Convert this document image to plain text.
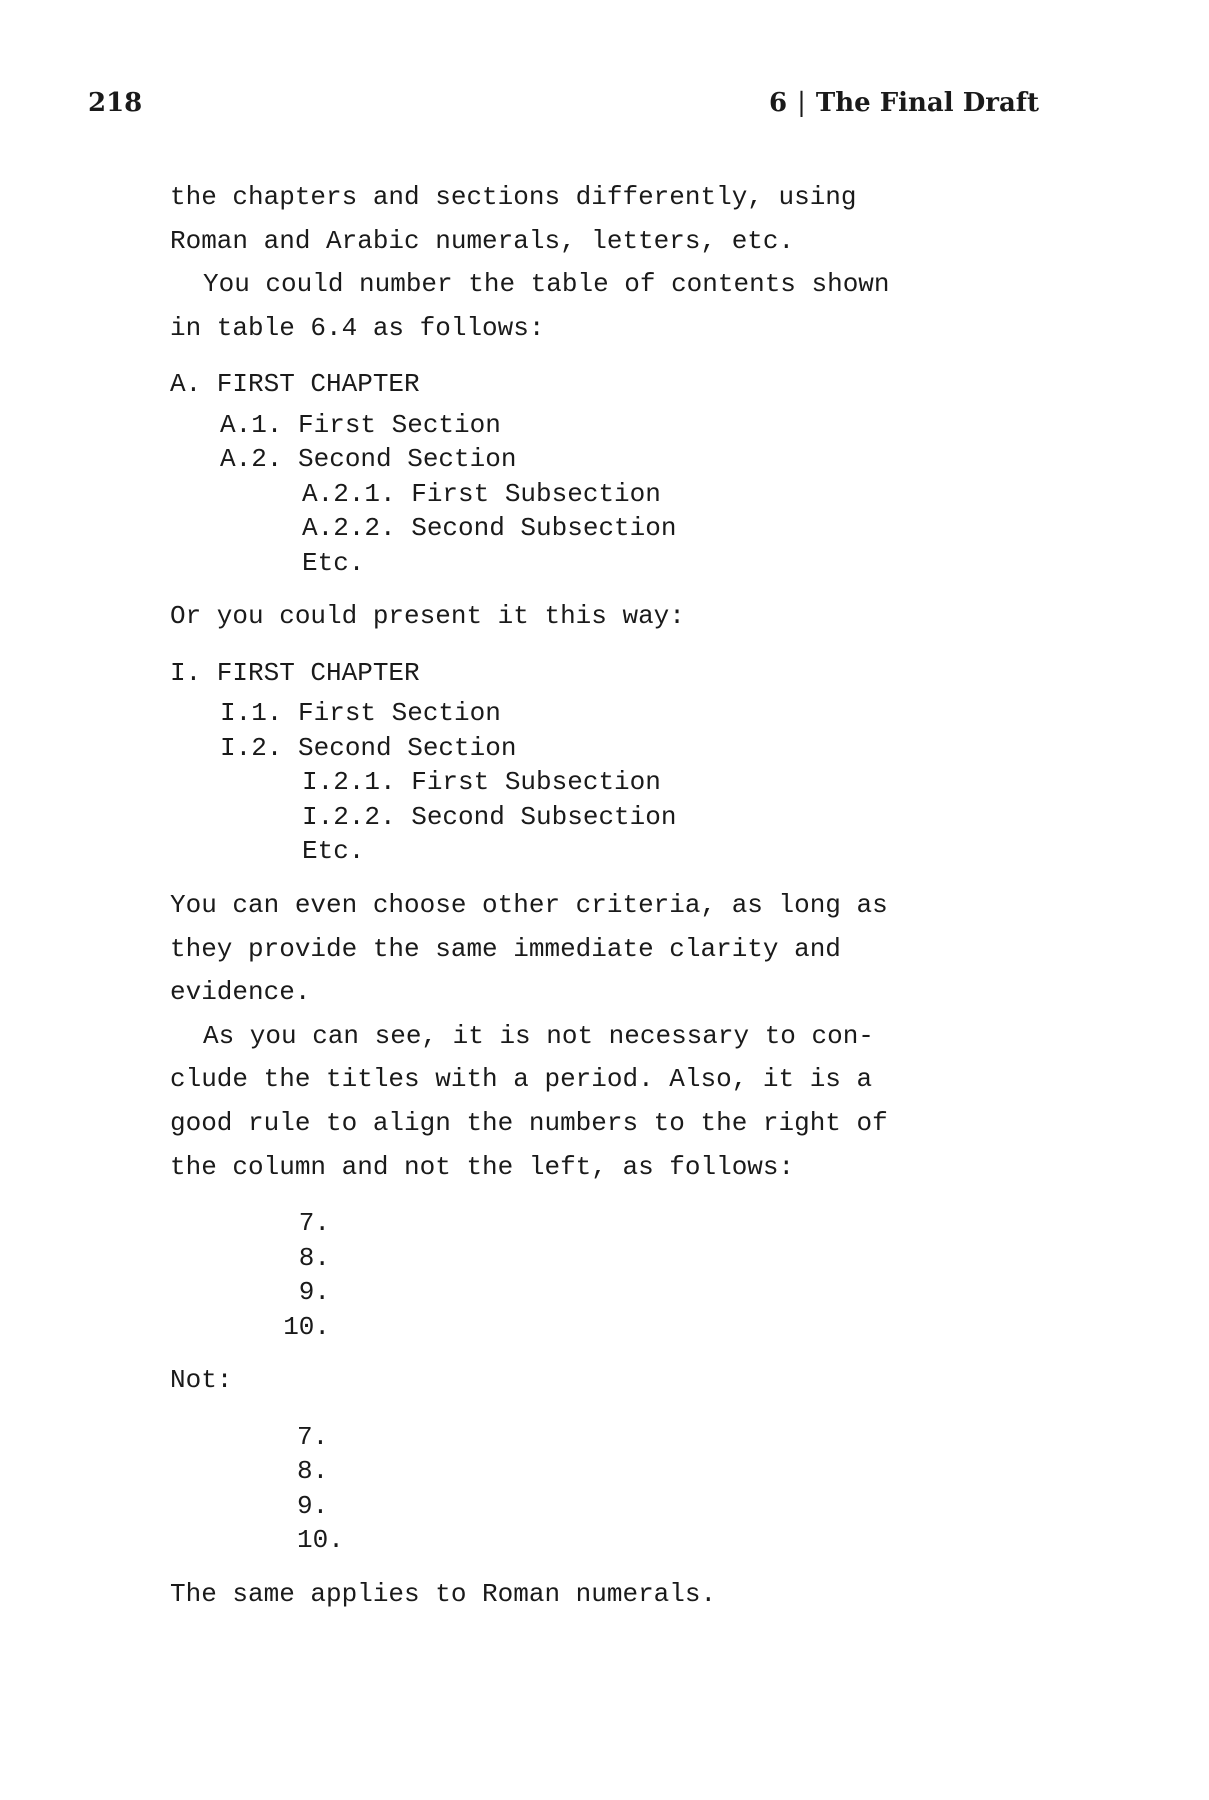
218	6 | The Final Draft
the chapters and sections differently, using
Roman and Arabic numerals, letters, etc.
You could number the table of contents shown
in table 6.4 as follows:
A. FIRST CHAPTER
A.1. First Section
A.2. Second Section
A.2.1. First Subsection
A.2.2. Second Subsection
Etc.
Or you could present it this way:
I. FIRST CHAPTER
I.1. First Section
I.2. Second Section
I.2.1. First Subsection
I.2.2. Second Subsection
Etc.
You can even choose other criteria, as long as
they provide the same immediate clarity and
evidence.
As you can see, it is not necessary to con-
clude the titles with a period. Also, it is a
good rule to align the numbers to the right of
the column and not the left, as follows:
7.
8.
9.
10.
Not:
7.
8.
9.
10.
The same applies to Roman numerals.
